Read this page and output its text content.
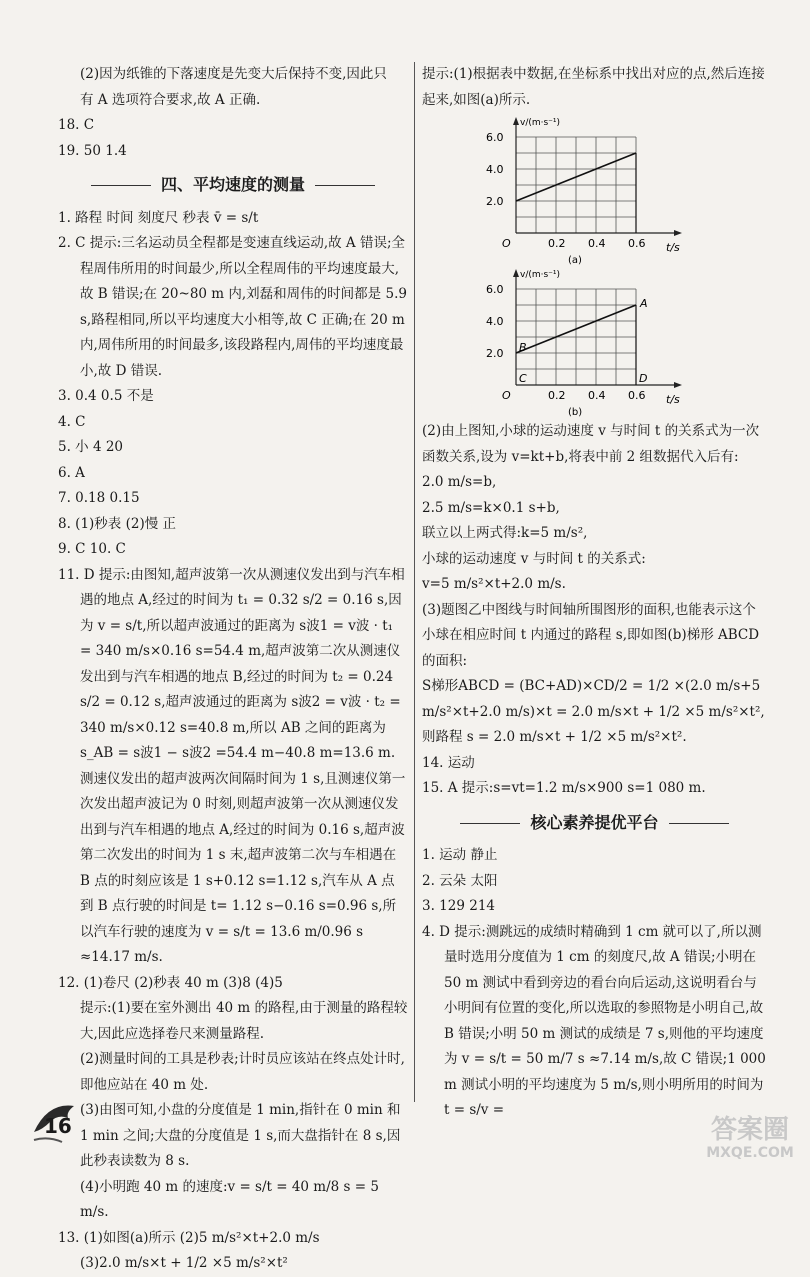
(2)因为纸锥的下落速度是先变大后保持不变,因此只

有 A 选项符合要求,故 A 正确.

18. C

19. 50 1.4

四、平均速度的测量

1. 路程 时间 刻度尺 秒表 v̄ = s/t

2. C 提示:三名运动员全程都是变速直线运动,故 A 错误;全程周伟所用的时间最少,所以全程周伟的平均速度最大,故 B 错误;在 20~80 m 内,刘磊和周伟的时间都是 5.9 s,路程相同,所以平均速度大小相等,故 C 正确;在 20 m 内,周伟所用的时间最多,该段路程内,周伟的平均速度最小,故 D 错误.

3. 0.4 0.5 不是

4. C

5. 小 4 20

6. A

7. 0.18 0.15

8. (1)秒表 (2)慢 正

9. C 10. C

11. D 提示:由图知,超声波第一次从测速仪发出到与汽车相遇的地点 A,经过的时间为 t₁ = 0.32 s/2 = 0.16 s,因为 v = s/t,所以超声波通过的距离为 s波1 = v波 · t₁ = 340 m/s×0.16 s=54.4 m,超声波第二次从测速仪发出到与汽车相遇的地点 B,经过的时间为 t₂ = 0.24 s/2 = 0.12 s,超声波通过的距离为 s波2 = v波 · t₂ = 340 m/s×0.12 s=40.8 m,所以 AB 之间的距离为 s_AB = s波1 − s波2 =54.4 m−40.8 m=13.6 m. 测速仪发出的超声波两次间隔时间为 1 s,且测速仪第一次发出超声波记为 0 时刻,则超声波第一次从测速仪发出到与汽车相遇的地点 A,经过的时间为 0.16 s,超声波第二次发出的时间为 1 s 末,超声波第二次与车相遇在 B 点的时刻应该是 1 s+0.12 s=1.12 s,汽车从 A 点到 B 点行驶的时间是 t= 1.12 s−0.16 s=0.96 s,所以汽车行驶的速度为 v = s/t = 13.6 m/0.96 s ≈14.17 m/s.

12. (1)卷尺 (2)秒表 40 m (3)8 (4)5

提示:(1)要在室外测出 40 m 的路程,由于测量的路程较大,因此应选择卷尺来测量路程.

(2)测量时间的工具是秒表;计时员应该站在终点处计时,即他应站在 40 m 处.

(3)由图可知,小盘的分度值是 1 min,指针在 0 min 和 1 min 之间;大盘的分度值是 1 s,而大盘指针在 8 s,因此秒表读数为 8 s.

(4)小明跑 40 m 的速度:v = s/t = 40 m/8 s = 5 m/s.

13. (1)如图(a)所示 (2)5 m/s²×t+2.0 m/s

(3)2.0 m/s×t + 1/2 ×5 m/s²×t²

提示:(1)根据表中数据,在坐标系中找出对应的点,然后连接起来,如图(a)所示.

0.2 0.4 0.6
2.0
4.0
6.0
O
v/(m·s⁻¹)
t/s
(a)
0.2 0.4 0.6
2.0
4.0
6.0
O
v/(m·s⁻¹)
t/s
(b)
A
B
C	D

(2)由上图知,小球的运动速度 v 与时间 t 的关系式为一次函数关系,设为 v=kt+b,将表中前 2 组数据代入后有:

2.0 m/s=b,

2.5 m/s=k×0.1 s+b,

联立以上两式得:k=5 m/s²,

小球的运动速度 v 与时间 t 的关系式:

v=5 m/s²×t+2.0 m/s.

(3)题图乙中图线与时间轴所围图形的面积,也能表示这个小球在相应时间 t 内通过的路程 s,即如图(b)梯形 ABCD 的面积:

S梯形ABCD = (BC+AD)×CD/2 = 1/2 ×(2.0 m/s+5 m/s²×t+2.0 m/s)×t = 2.0 m/s×t + 1/2 ×5 m/s²×t²,

则路程 s = 2.0 m/s×t + 1/2 ×5 m/s²×t².

14. 运动

15. A 提示:s=vt=1.2 m/s×900 s=1 080 m.

核心素养提优平台

1. 运动 静止

2. 云朵 太阳

3. 129 214

4. D 提示:测跳远的成绩时精确到 1 cm 就可以了,所以测量时选用分度值为 1 cm 的刻度尺,故 A 错误;小明在 50 m 测试中看到旁边的看台向后运动,这说明看台与小明间有位置的变化,所以选取的参照物是小明自己,故 B 错误;小明 50 m 测试的成绩是 7 s,则他的平均速度为 v = s/t = 50 m/7 s ≈7.14 m/s,故 C 错误;1 000 m 测试小明的平均速度为 5 m/s,则小明所用的时间为 t = s/v =

16	答案圈
MXQE.COM
